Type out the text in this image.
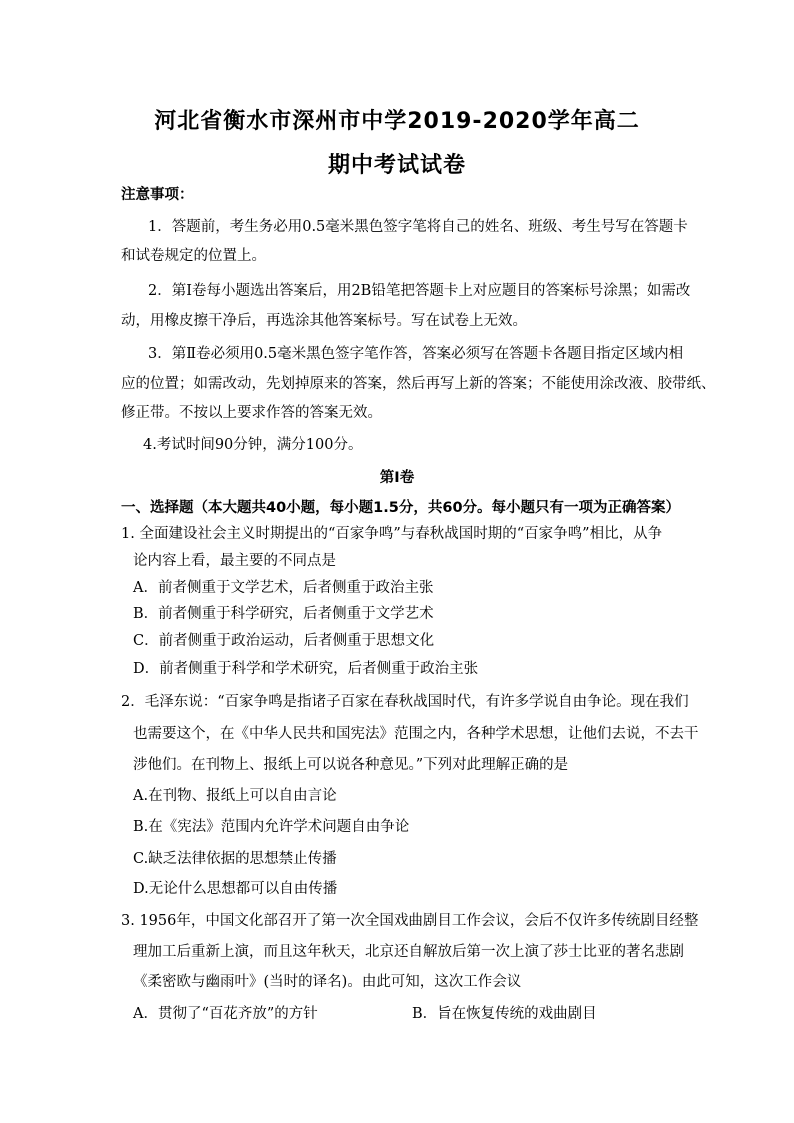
河北省衡水市深州市中学2019-2020学年高二
期中考试试卷
注意事项：
1．答题前，考生务必用0.5毫米黑色签字笔将自己的姓名、班级、考生号写在答题卡
和试卷规定的位置上。
2．第Ⅰ卷每小题选出答案后，用2B铅笔把答题卡上对应题目的答案标号涂黑；如需改
动，用橡皮擦干净后，再选涂其他答案标号。写在试卷上无效。
3．第Ⅱ卷必须用0.5毫米黑色签字笔作答，答案必须写在答题卡各题目指定区域内相
应的位置；如需改动，先划掉原来的答案，然后再写上新的答案；不能使用涂改液、胶带纸、
修正带。不按以上要求作答的答案无效。
4.考试时间90分钟，满分100分。
第Ⅰ卷
一、选择题（本大题共40小题，每小题1.5分，共60分。每小题只有一项为正确答案）
1. 全面建设社会主义时期提出的“百家争鸣”与春秋战国时期的“百家争鸣”相比，从争
论内容上看，最主要的不同点是
A．前者侧重于文学艺术，后者侧重于政治主张
B．前者侧重于科学研究，后者侧重于文学艺术
C．前者侧重于政治运动，后者侧重于思想文化
D．前者侧重于科学和学术研究，后者侧重于政治主张
2．毛泽东说：“百家争鸣是指诸子百家在春秋战国时代，有许多学说自由争论。现在我们
也需要这个，在《中华人民共和国宪法》范围之内，各种学术思想，让他们去说，不去干
涉他们。在刊物上、报纸上可以说各种意见。”下列对此理解正确的是
A.在刊物、报纸上可以自由言论
B.在《宪法》范围内允许学术问题自由争论
C.缺乏法律依据的思想禁止传播
D.无论什么思想都可以自由传播
3. 1956年，中国文化部召开了第一次全国戏曲剧目工作会议，会后不仅许多传统剧目经整
理加工后重新上演，而且这年秋天，北京还自解放后第一次上演了莎士比亚的著名悲剧
《柔密欧与幽雨叶》(当时的译名)。由此可知，这次工作会议
A．贯彻了“百花齐放”的方针	B．旨在恢复传统的戏曲剧目
